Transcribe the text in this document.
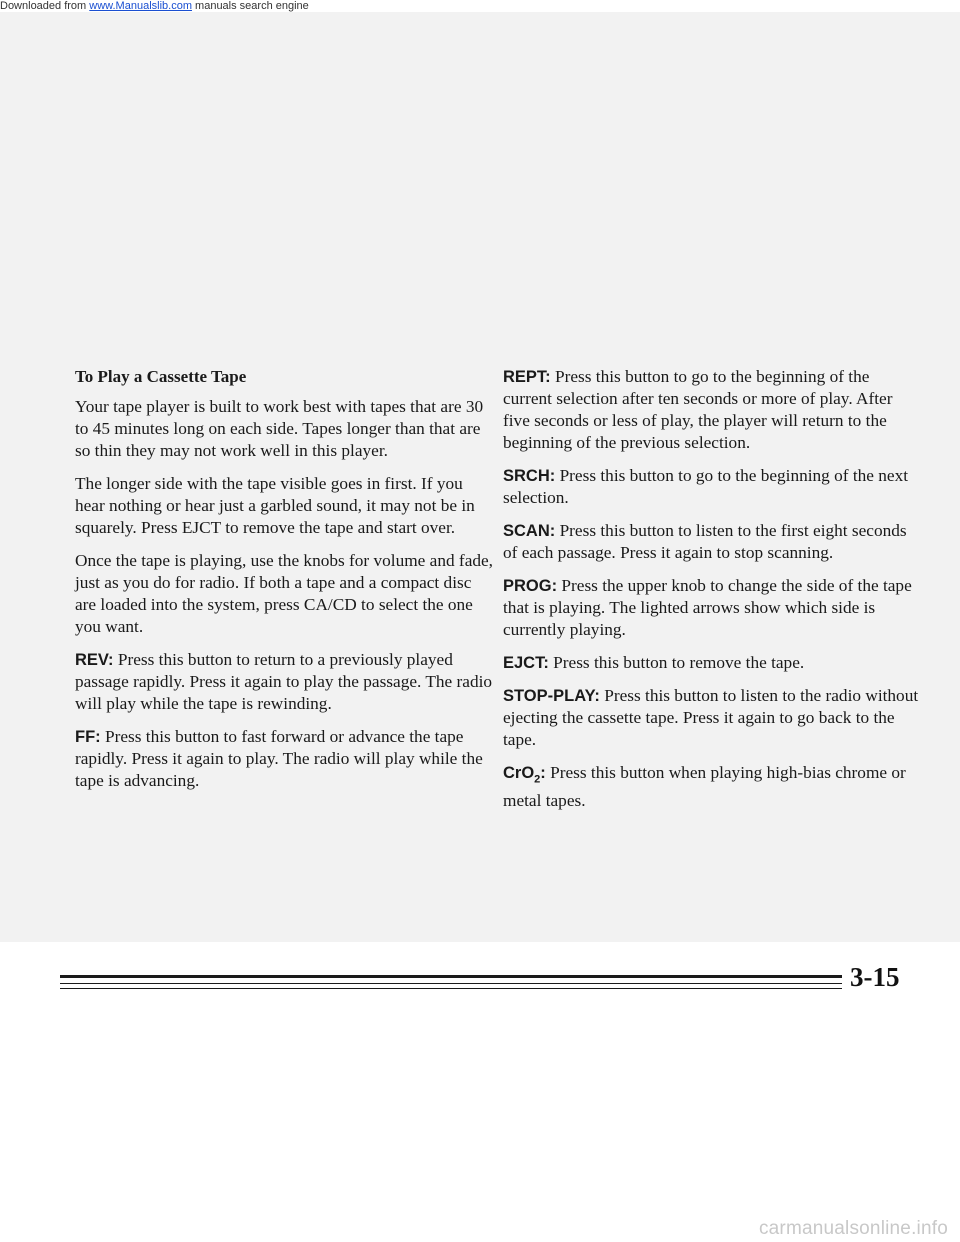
Downloaded from www.Manualslib.com manuals search engine
To Play a Cassette Tape

Your tape player is built to work best with tapes that are 30 to 45 minutes long on each side. Tapes longer than that are so thin they may not work well in this player.

The longer side with the tape visible goes in first. If you hear nothing or hear just a garbled sound, it may not be in squarely. Press EJCT to remove the tape and start over.

Once the tape is playing, use the knobs for volume and fade, just as you do for radio. If both a tape and a compact disc are loaded into the system, press CA/CD to select the one you want.

REV: Press this button to return to a previously played passage rapidly. Press it again to play the passage. The radio will play while the tape is rewinding.

FF: Press this button to fast forward or advance the tape rapidly. Press it again to play. The radio will play while the tape is advancing.

REPT: Press this button to go to the beginning of the current selection after ten seconds or more of play. After five seconds or less of play, the player will return to the beginning of the previous selection.

SRCH: Press this button to go to the beginning of the next selection.

SCAN: Press this button to listen to the first eight seconds of each passage. Press it again to stop scanning.

PROG: Press the upper knob to change the side of the tape that is playing. The lighted arrows show which side is currently playing.

EJCT: Press this button to remove the tape.

STOP-PLAY: Press this button to listen to the radio without ejecting the cassette tape. Press it again to go back to the tape.

CrO$_2$: Press this button when playing high-bias chrome or metal tapes.

3-15
carmanualsonline.info
